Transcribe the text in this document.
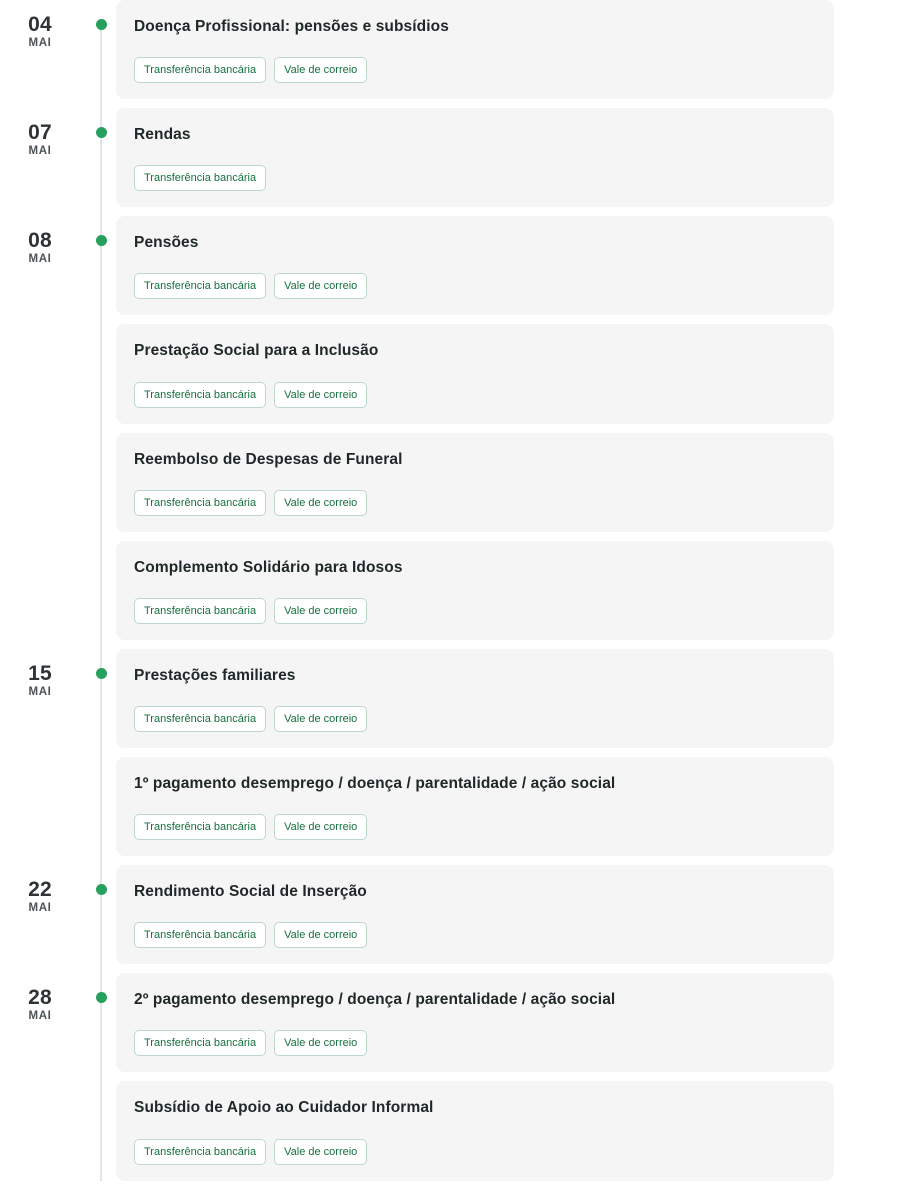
04
MAI
Doença Profissional: pensões e subsídios
Transferência bancária	Vale de correio
07
MAI
Rendas
Transferência bancária
08
MAI
Pensões
Transferência bancária	Vale de correio
Prestação Social para a Inclusão
Transferência bancária	Vale de correio
Reembolso de Despesas de Funeral
Transferência bancária	Vale de correio
Complemento Solidário para Idosos
Transferência bancária	Vale de correio
15
MAI
Prestações familiares
Transferência bancária	Vale de correio
1º pagamento desemprego / doença / parentalidade / ação social
Transferência bancária	Vale de correio
22
MAI
Rendimento Social de Inserção
Transferência bancária	Vale de correio
28
MAI
2º pagamento desemprego / doença / parentalidade / ação social
Transferência bancária	Vale de correio
Subsídio de Apoio ao Cuidador Informal
Transferência bancária	Vale de correio
